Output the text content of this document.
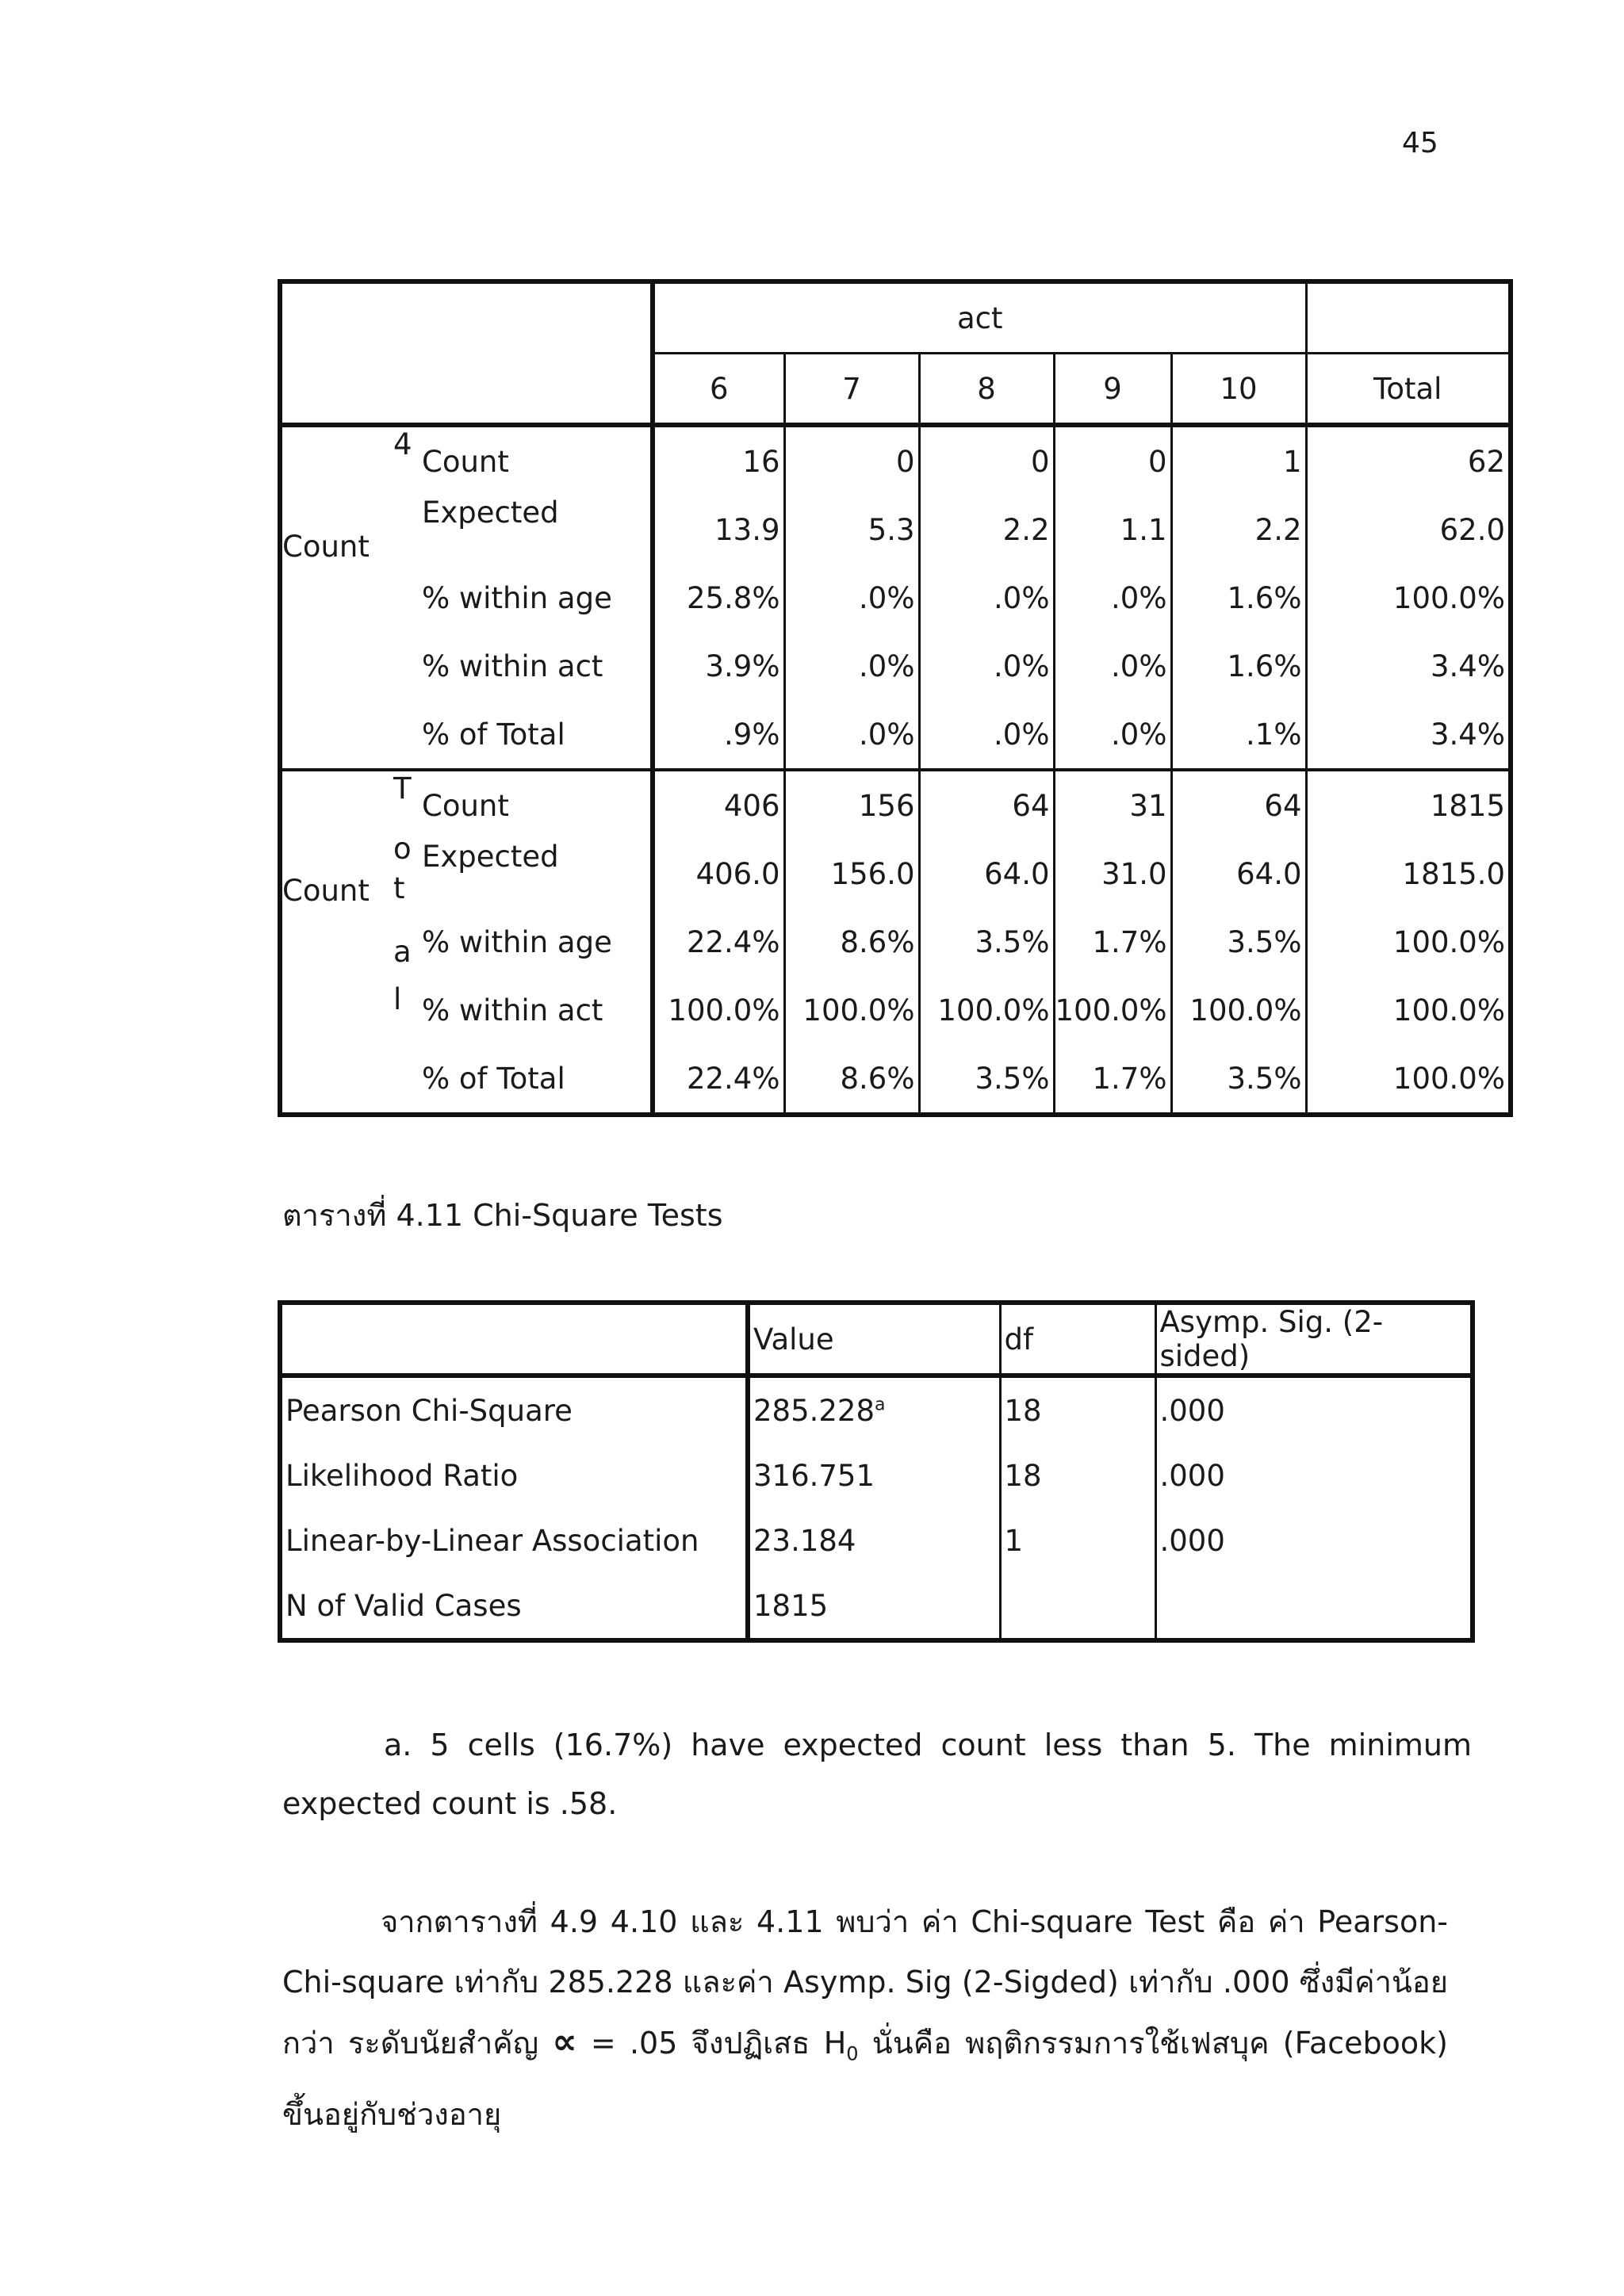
45
	act					
	6	7	8	9	10	Total

4 Count	16	0	0	0	1	62
Expected Count	13.9	5.3	2.2	1.1	2.2	62.0
% within age	25.8%	.0%	.0%	.0%	1.6%	100.0%
% within act	3.9%	.0%	.0%	.0%	1.6%	3.4%
% of Total	.9%	.0%	.0%	.0%	.1%	3.4%

T Count	406	156	64	31	64	1815

o
t
Expected Count	406.0	156.0	64.0	31.0	64.0	1815.0

a % within age	22.4%	8.6%	3.5%	1.7%	3.5%	100.0%

l % within act	100.0%	100.0%	100.0%	100.0%	100.0%	100.0%
% of Total	22.4%	8.6%	3.5%	1.7%	3.5%	100.0%
ตารางที่ 4.11 Chi-Square Tests
	Value	df	Asymp. Sig. (2-sided)
Pearson Chi-Square	285.228$^a$	18	.000
Likelihood Ratio	316.751	18	.000
Linear-by-Linear Association	23.184	1	.000
N of Valid Cases	1815		
a. 5 cells (16.7%) have expected count less than 5. The minimum expected count is .58.
จากตารางที่ 4.9 4.10 และ 4.11 พบว่า ค่า Chi-square Test คือ ค่า Pearson-Chi-square เท่ากับ 285.228 และค่า Asymp. Sig (2-Sigded) เท่ากับ .000 ซึ่งมีค่าน้อยกว่า ระดับนัยสำคัญ ∝ = .05 จึงปฏิเสธ $H_0$ นั่นคือ พฤติกรรมการใช้เฟสบุค (Facebook) ขึ้นอยู่กับช่วงอายุ
